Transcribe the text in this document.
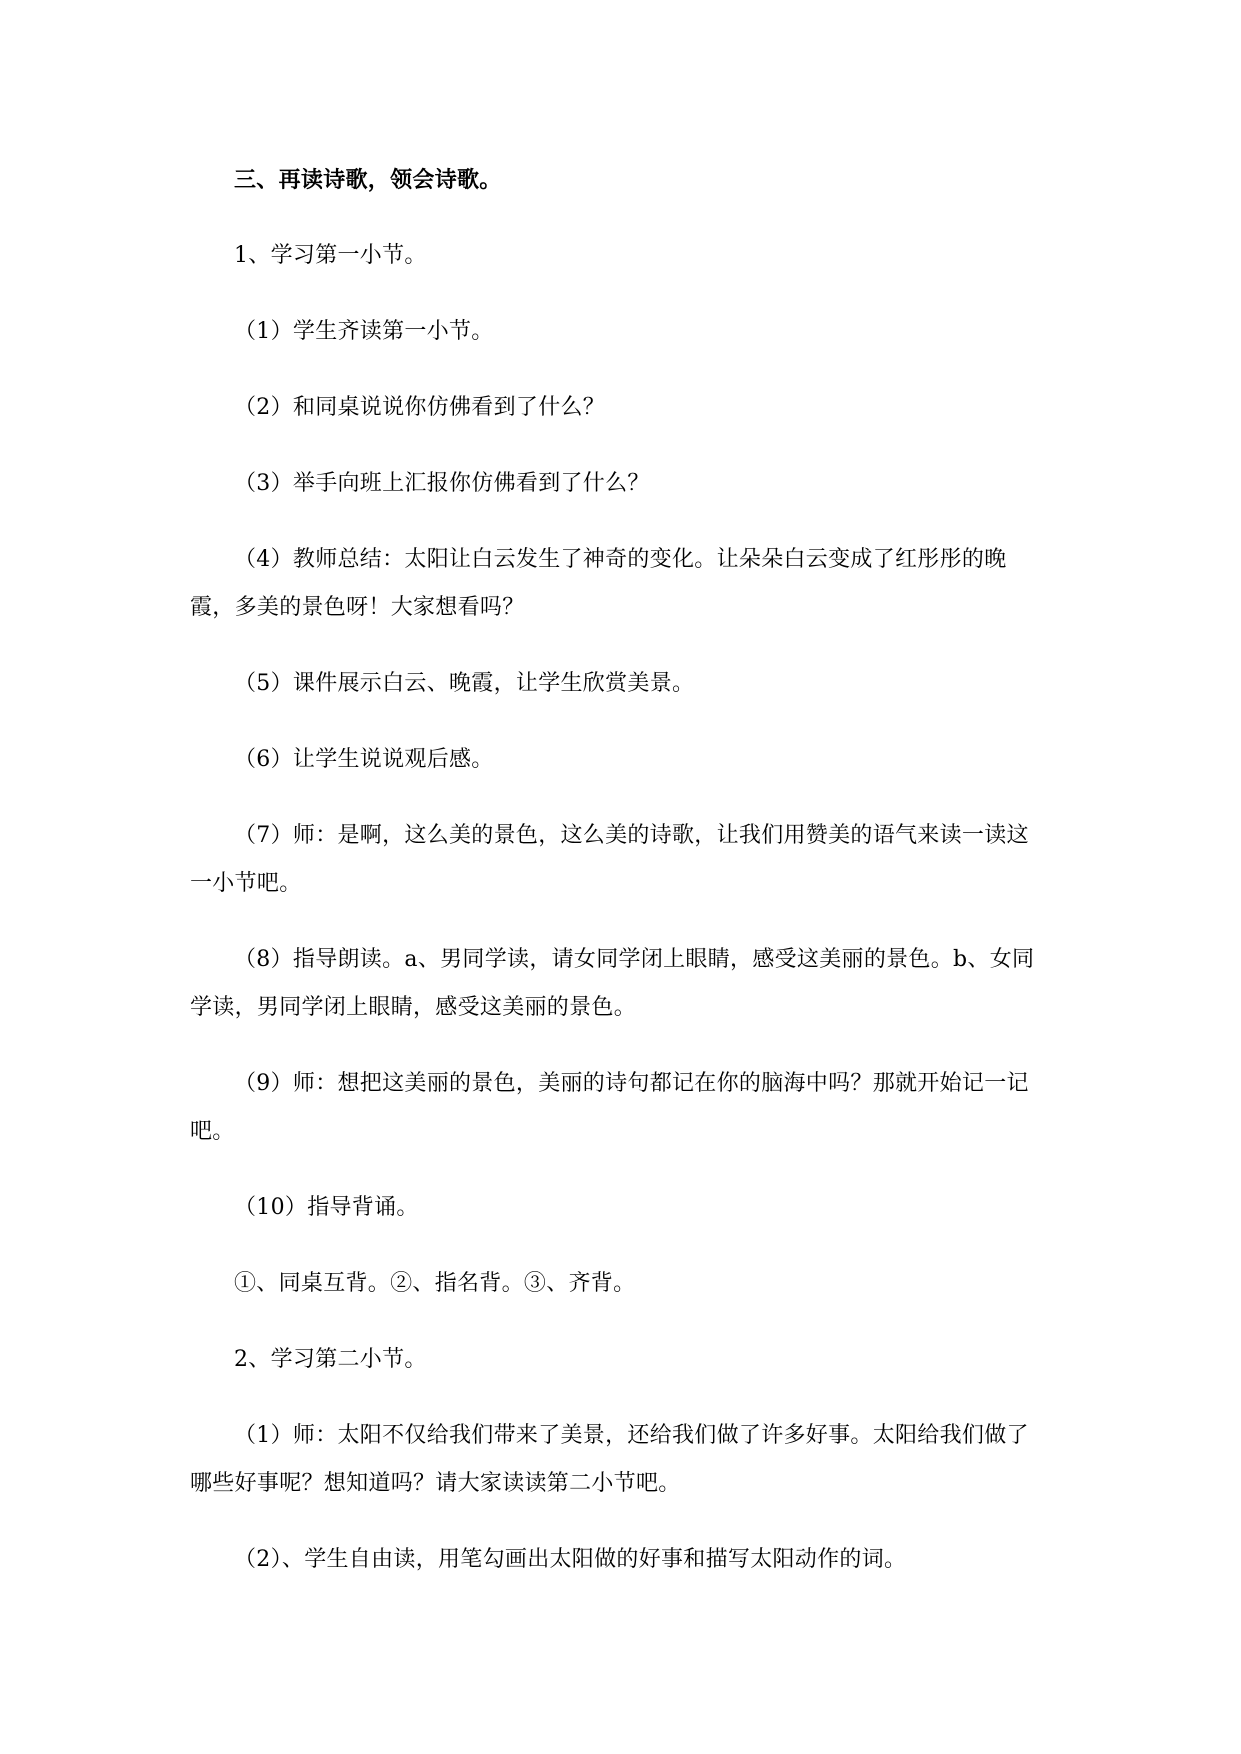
三、再读诗歌，领会诗歌。

1、学习第一小节。

（1）学生齐读第一小节。

（2）和同桌说说你仿佛看到了什么？

（3）举手向班上汇报你仿佛看到了什么？

（4）教师总结：太阳让白云发生了神奇的变化。让朵朵白云变成了红彤彤的晚霞，多美的景色呀！大家想看吗？

（5）课件展示白云、晚霞，让学生欣赏美景。

（6）让学生说说观后感。

（7）师：是啊，这么美的景色，这么美的诗歌，让我们用赞美的语气来读一读这一小节吧。

（8）指导朗读。a、男同学读，请女同学闭上眼睛，感受这美丽的景色。b、女同学读，男同学闭上眼睛，感受这美丽的景色。

（9）师：想把这美丽的景色，美丽的诗句都记在你的脑海中吗？那就开始记一记吧。

（10）指导背诵。

①、同桌互背。②、指名背。③、齐背。

2、学习第二小节。

（1）师：太阳不仅给我们带来了美景，还给我们做了许多好事。太阳给我们做了哪些好事呢？想知道吗？请大家读读第二小节吧。

（2）、学生自由读，用笔勾画出太阳做的好事和描写太阳动作的词。
